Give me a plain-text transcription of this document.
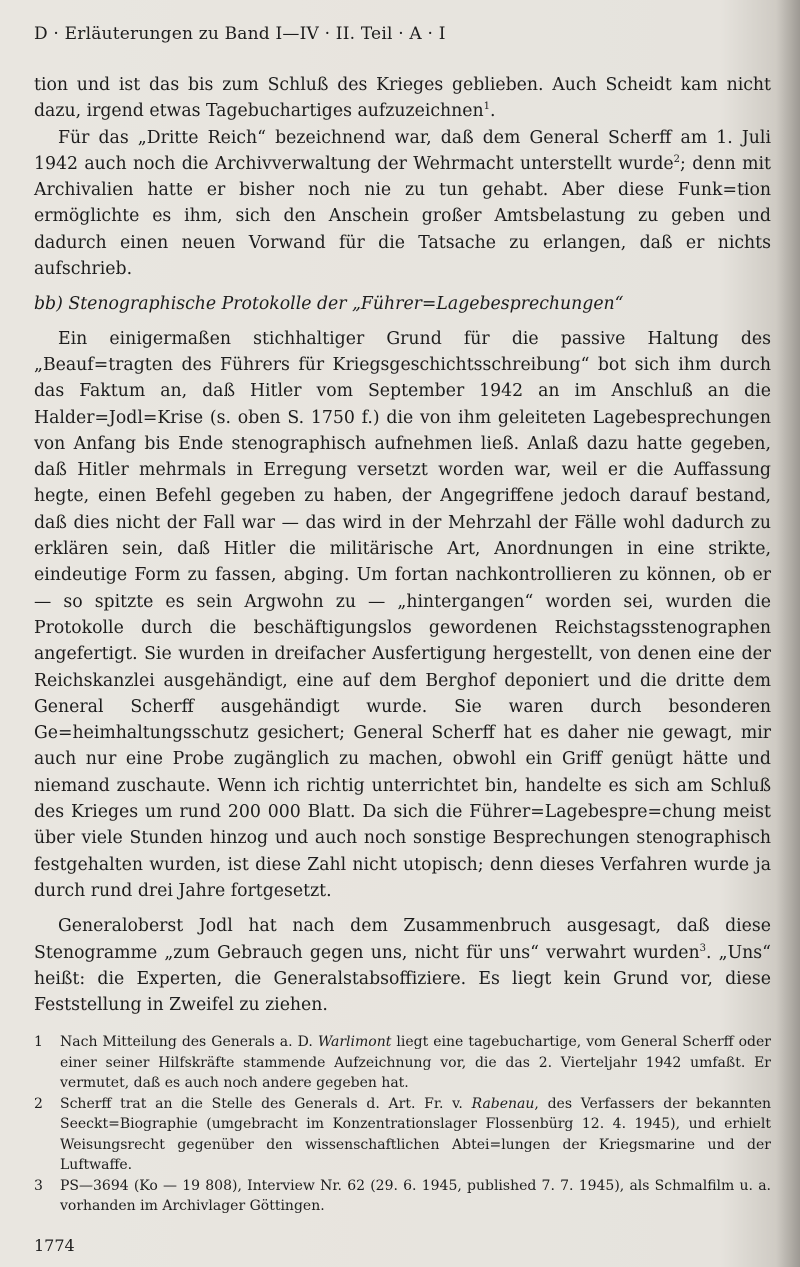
D · Erläuterungen zu Band I—IV · II. Teil · A · I

tion und ist das bis zum Schluß des Krieges geblieben. Auch Scheidt kam nicht dazu, irgend etwas Tagebuchartiges aufzuzeichnen$^1$.

Für das „Dritte Reich“ bezeichnend war, daß dem General Scherff am 1. Juli 1942 auch noch die Archivverwaltung der Wehrmacht unterstellt wurde$^2$; denn mit Archivalien hatte er bisher noch nie zu tun gehabt. Aber diese Funk=tion ermöglichte es ihm, sich den Anschein großer Amtsbelastung zu geben und dadurch einen neuen Vorwand für die Tatsache zu erlangen, daß er nichts aufschrieb.

bb) Stenographische Protokolle der „Führer=Lagebesprechungen“

Ein einigermaßen stichhaltiger Grund für die passive Haltung des „Beauf=tragten des Führers für Kriegsgeschichtsschreibung“ bot sich ihm durch das Faktum an, daß Hitler vom September 1942 an im Anschluß an die Halder=Jodl=Krise (s. oben S. 1750 f.) die von ihm geleiteten Lagebesprechungen von Anfang bis Ende stenographisch aufnehmen ließ. Anlaß dazu hatte gegeben, daß Hitler mehrmals in Erregung versetzt worden war, weil er die Auffassung hegte, einen Befehl gegeben zu haben, der Angegriffene jedoch darauf bestand, daß dies nicht der Fall war — das wird in der Mehrzahl der Fälle wohl dadurch zu erklären sein, daß Hitler die militärische Art, Anordnungen in eine strikte, eindeutige Form zu fassen, abging. Um fortan nachkontrollieren zu können, ob er — so spitzte es sein Argwohn zu — „hintergangen“ worden sei, wurden die Protokolle durch die beschäftigungslos gewordenen Reichstagsstenographen angefertigt. Sie wurden in dreifacher Ausfertigung hergestellt, von denen eine der Reichskanzlei ausgehändigt, eine auf dem Berghof deponiert und die dritte dem General Scherff ausgehändigt wurde. Sie waren durch besonderen Ge=heimhaltungsschutz gesichert; General Scherff hat es daher nie gewagt, mir auch nur eine Probe zugänglich zu machen, obwohl ein Griff genügt hätte und niemand zuschaute. Wenn ich richtig unterrichtet bin, handelte es sich am Schluß des Krieges um rund 200 000 Blatt. Da sich die Führer=Lagebespre=chung meist über viele Stunden hinzog und auch noch sonstige Besprechungen stenographisch festgehalten wurden, ist diese Zahl nicht utopisch; denn dieses Verfahren wurde ja durch rund drei Jahre fortgesetzt.

Generaloberst Jodl hat nach dem Zusammenbruch ausgesagt, daß diese Stenogramme „zum Gebrauch gegen uns, nicht für uns“ verwahrt wurden$^3$. „Uns“ heißt: die Experten, die Generalstabsoffiziere. Es liegt kein Grund vor, diese Feststellung in Zweifel zu ziehen.

1	Nach Mitteilung des Generals a. D. Warlimont liegt eine tagebuchartige, vom General Scherff oder einer seiner Hilfskräfte stammende Aufzeichnung vor, die das 2. Vierteljahr 1942 umfaßt. Er vermutet, daß es auch noch andere gegeben hat.
2	Scherff trat an die Stelle des Generals d. Art. Fr. v. Rabenau, des Verfassers der bekannten Seeckt=Biographie (umgebracht im Konzentrationslager Flossenbürg 12. 4. 1945), und erhielt Weisungsrecht gegenüber den wissenschaftlichen Abtei=lungen der Kriegsmarine und der Luftwaffe.
3	PS—3694 (Ko — 19 808), Interview Nr. 62 (29. 6. 1945, published 7. 7. 1945), als Schmalfilm u. a. vorhanden im Archivlager Göttingen.
1774
